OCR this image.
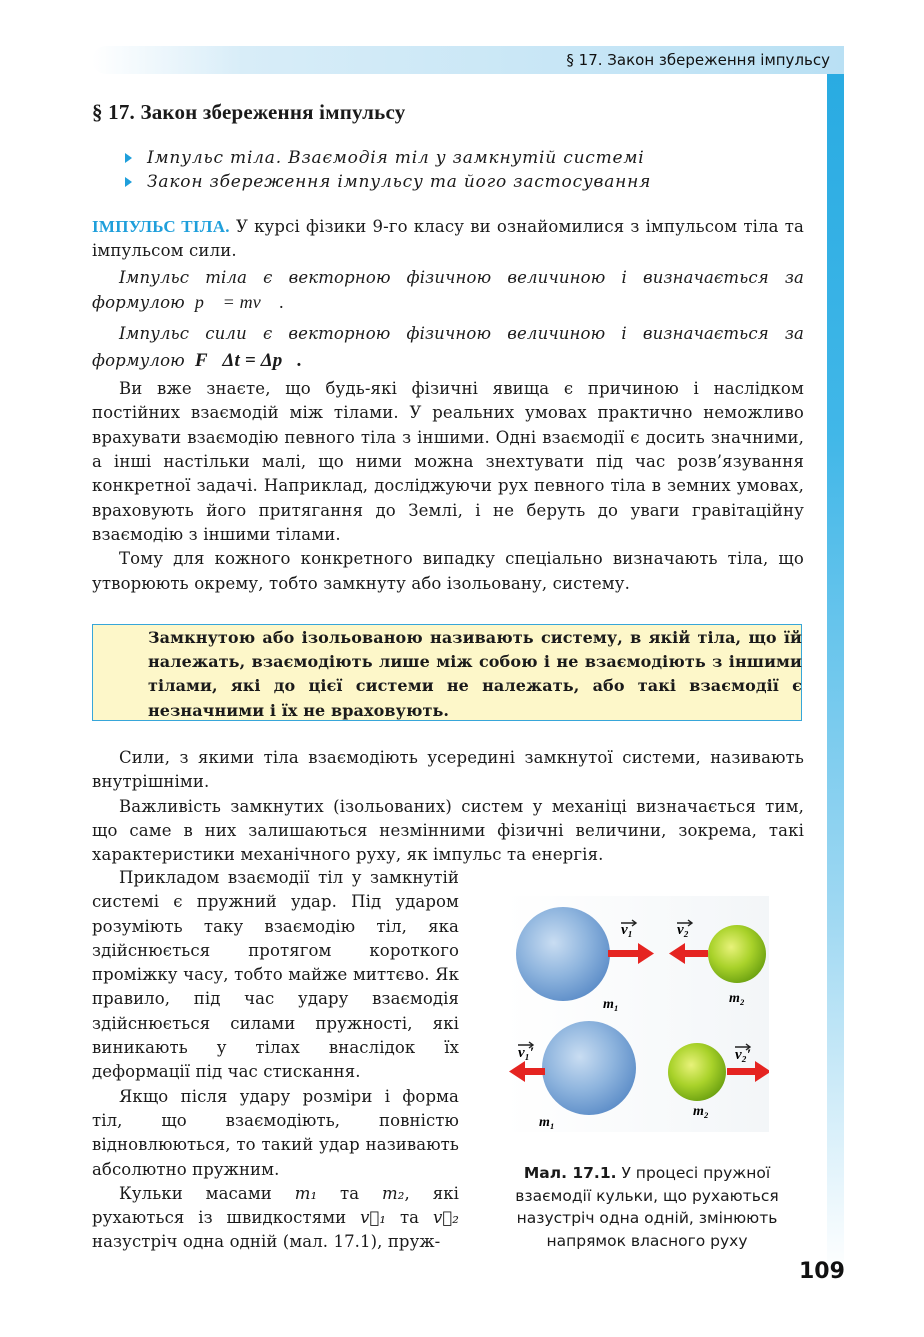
§ 17. Закон збереження імпульсу
§ 17. Закон збереження імпульсу
Імпульс тіла. Взаємодія тіл у замкнутій системі
Закон збереження імпульсу та його застосування

ІМПУЛЬС ТІЛА. У курсі фізики 9-го класу ви ознайомилися з імпульсом тіла та імпульсом сили.

Імпульс тіла є векторною фізичною величиною і визначається за формулою p⃗ = mv⃗ .

Імпульс сили є векторною фізичною величиною і визначається за формулою F⃗Δt = Δp⃗.

Ви вже знаєте, що будь-які фізичні явища є причиною і наслідком постійних взаємодій між тілами. У реальних умовах практично неможливо врахувати взаємодію певного тіла з іншими. Одні взаємодії є досить значними, а інші настільки малі, що ними можна знехтувати під час розв’язування конкретної задачі. Наприклад, досліджуючи рух певного тіла в земних умовах, враховують його притягання до Землі, і не беруть до уваги гравітаційну взаємодію з іншими тілами.

Тому для кожного конкретного випадку спеціально визначають тіла, що утворюють окрему, тобто замкнуту або ізольовану, систему.

Замкнутою або ізольованою називають систему, в якій тіла, що їй належать, взаємодіють лише між собою і не взаємодіють з іншими тілами, які до цієї системи не належать, або такі взаємодії є незначними і їх не враховують.

Сили, з якими тіла взаємодіють усередині замкнутої системи, називають внутрішніми.

Важливість замкнутих (ізольованих) систем у механіці визначається тим, що саме в них залишаються незмінними фізичні величини, зокрема, такі характеристики механічного руху, як імпульс та енергія.

Прикладом взаємодії тіл у замкнутій системі є пружний удар. Під ударом розуміють таку взаємодію тіл, яка здійснюється протягом короткого проміжку часу, тобто майже миттєво. Як правило, під час удару взаємодія здійснюється силами пружності, які виникають у тілах внаслідок їх деформації під час стискання.

Якщо після удару розміри і форма тіл, що взаємодіють, повністю відновлюються, то такий удар називають абсолютно пружним.

Кульки масами m₁ та m₂, які рухаються із швидкостями v⃗₁ та v⃗₂ назустріч одна одній (мал. 17.1), пруж-

v₁	v₂
m₁	m₂
v₁′	v₂′
m₁
m₂
Мал. 17.1. У процесі пружної взаємодії кульки, що рухаються назустріч одна одній, змінюють напрямок власного руху
109
